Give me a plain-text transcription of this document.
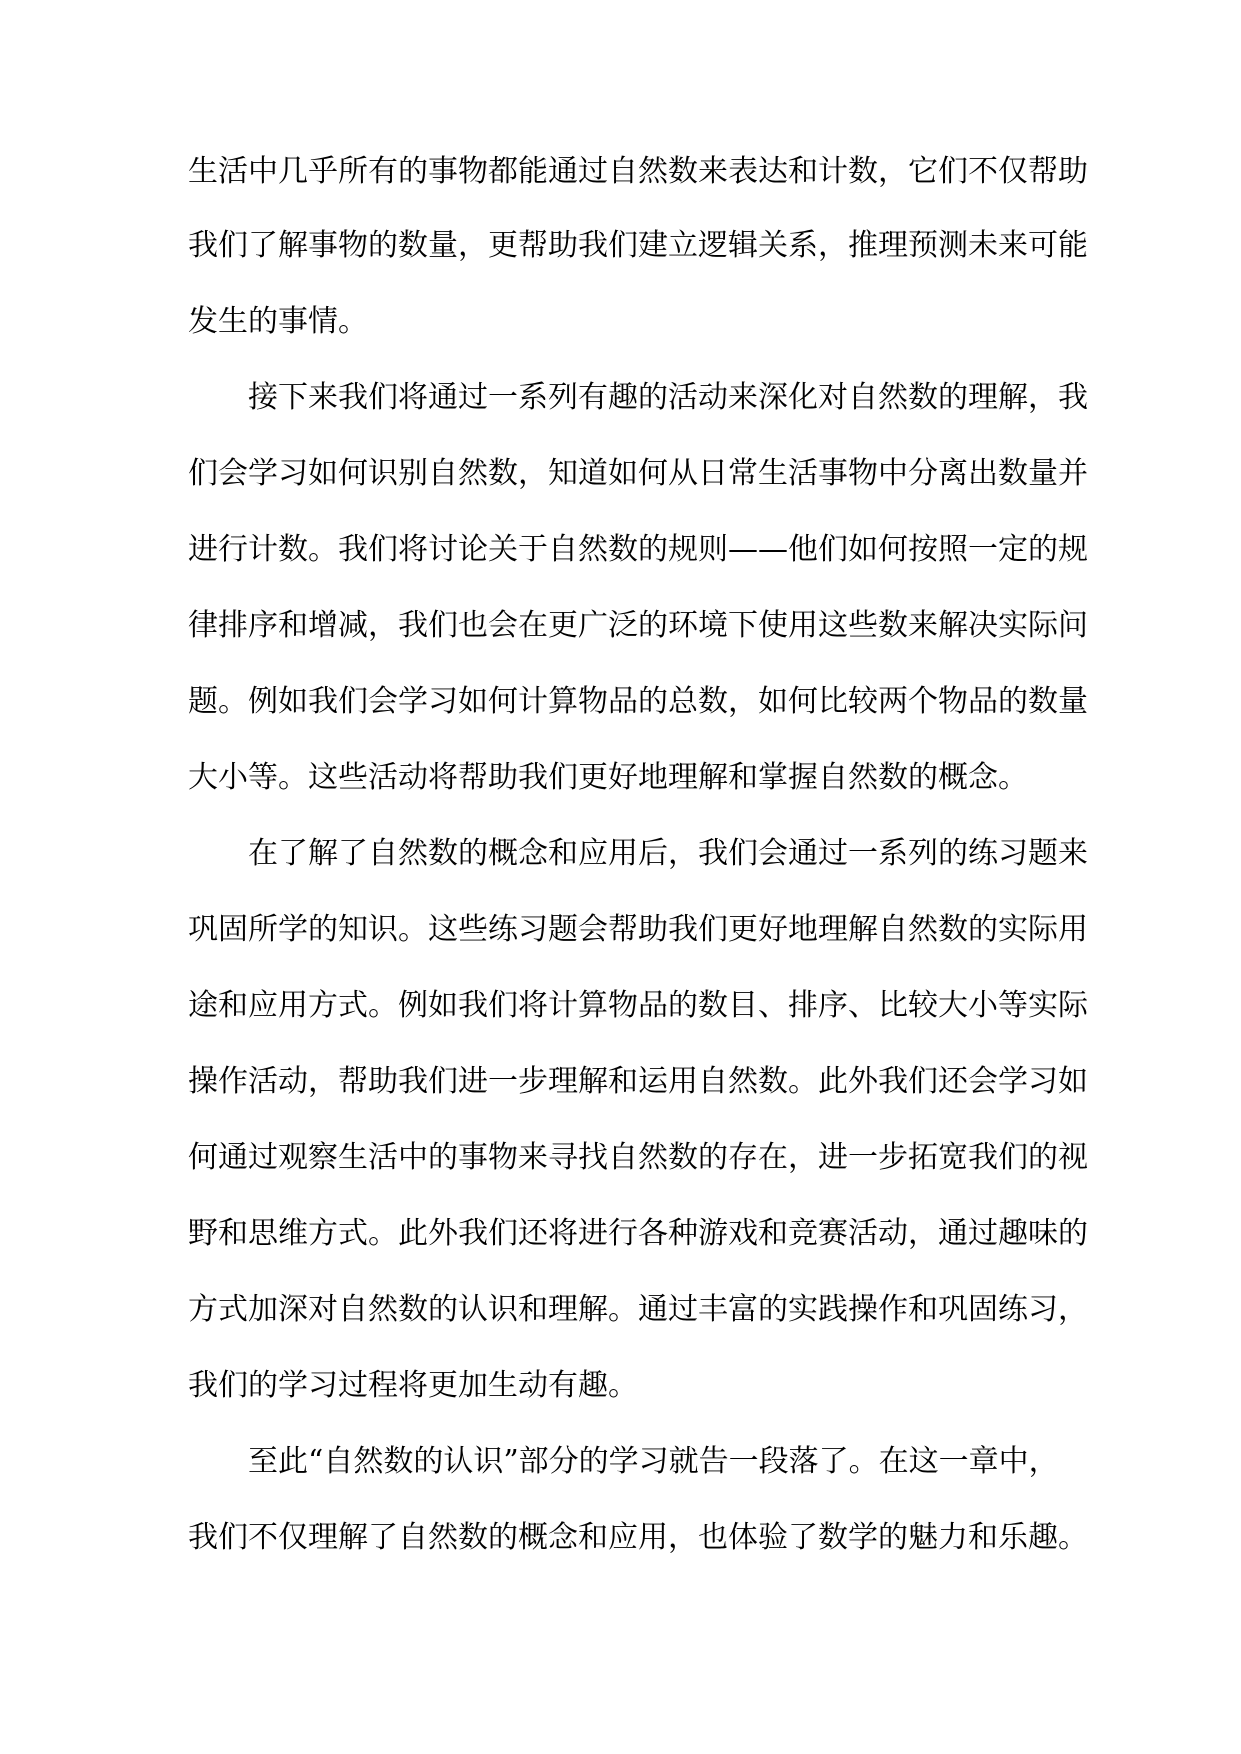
生活中几乎所有的事物都能通过自然数来表达和计数，它们不仅帮助
我们了解事物的数量，更帮助我们建立逻辑关系，推理预测未来可能
发生的事情。
接下来我们将通过一系列有趣的活动来深化对自然数的理解，我
们会学习如何识别自然数，知道如何从日常生活事物中分离出数量并
进行计数。我们将讨论关于自然数的规则——他们如何按照一定的规
律排序和增减，我们也会在更广泛的环境下使用这些数来解决实际问
题。例如我们会学习如何计算物品的总数，如何比较两个物品的数量
大小等。这些活动将帮助我们更好地理解和掌握自然数的概念。
在了解了自然数的概念和应用后，我们会通过一系列的练习题来
巩固所学的知识。这些练习题会帮助我们更好地理解自然数的实际用
途和应用方式。例如我们将计算物品的数目、排序、比较大小等实际
操作活动，帮助我们进一步理解和运用自然数。此外我们还会学习如
何通过观察生活中的事物来寻找自然数的存在，进一步拓宽我们的视
野和思维方式。此外我们还将进行各种游戏和竞赛活动，通过趣味的
方式加深对自然数的认识和理解。通过丰富的实践操作和巩固练习，
我们的学习过程将更加生动有趣。
至此“自然数的认识”部分的学习就告一段落了。在这一章中，
我们不仅理解了自然数的概念和应用，也体验了数学的魅力和乐趣。
